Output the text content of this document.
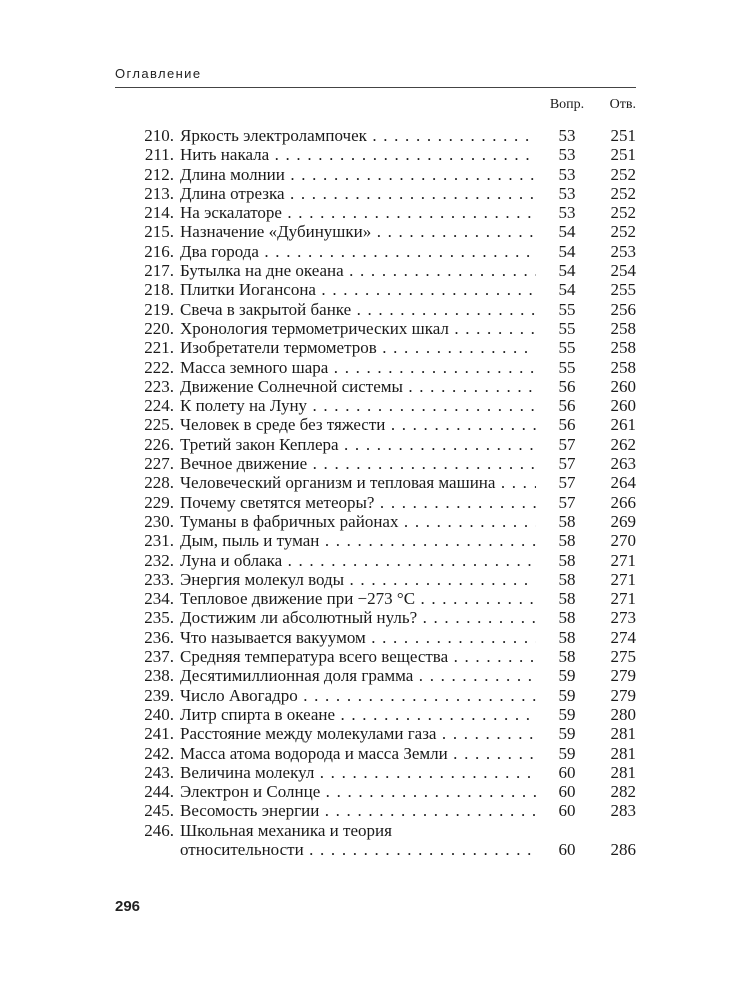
Оглавление
Вопр.	Отв.
210. Яркость электролампочек . . .	53	251
211. Нить накала . . .	53	251
212. Длина молнии . . .	53	252
213. Длина отрезка . . .	53	252
214. На эскалаторе . . .	53	252
215. Назначение «Дубинушки» . . .	54	252
216. Два города . . .	54	253
217. Бутылка на дне океана . . .	54	254
218. Плитки Иогансона . . .	54	255
219. Свеча в закрытой банке . . .	55	256
220. Хронология термометрических шкал . . .	55	258
221. Изобретатели термометров . . .	55	258
222. Масса земного шара . . .	55	258
223. Движение Солнечной системы . . .	56	260
224. К полету на Луну . . .	56	260
225. Человек в среде без тяжести . . .	56	261
226. Третий закон Кеплера . . .	57	262
227. Вечное движение . . .	57	263
228. Человеческий организм и тепловая машина . . .	57	264
229. Почему светятся метеоры? . . .	57	266
230. Туманы в фабричных районах . . .	58	269
231. Дым, пыль и туман . . .	58	270
232. Луна и облака . . .	58	271
233. Энергия молекул воды . . .	58	271
234. Тепловое движение при −273 °С . . .	58	271
235. Достижим ли абсолютный нуль? . . .	58	273
236. Что называется вакуумом . . .	58	274
237. Средняя температура всего вещества . . .	58	275
238. Десятимиллионная доля грамма . . .	59	279
239. Число Авогадро . . .	59	279
240. Литр спирта в океане . . .	59	280
241. Расстояние между молекулами газа . . .	59	281
242. Масса атома водорода и масса Земли . . .	59	281
243. Величина молекул . . .	60	281
244. Электрон и Солнце . . .	60	282
245. Весомость энергии . . .	60	283
246. Школьная механика и теория
относительности . . .	60	286
296
